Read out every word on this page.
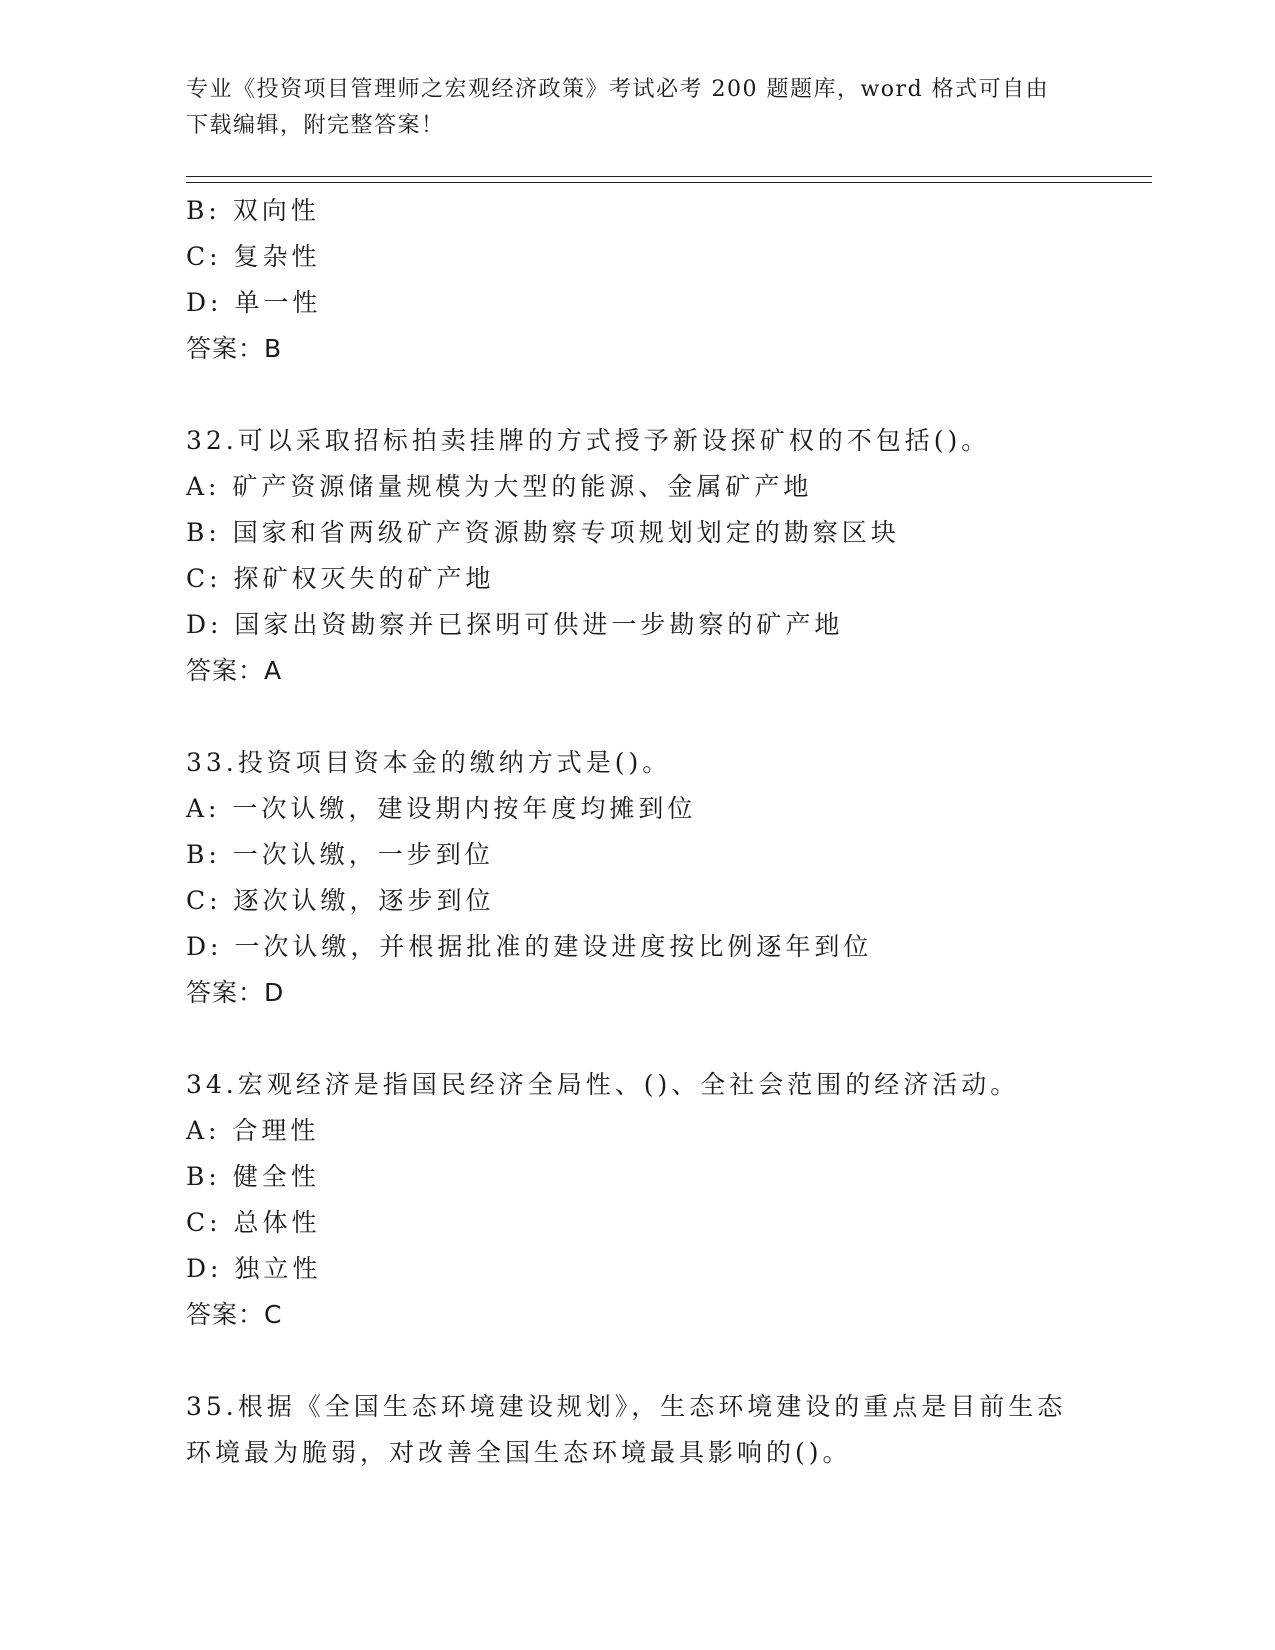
专业《投资项目管理师之宏观经济政策》考试必考 200 题题库，word 格式可自由下载编辑，附完整答案！
B: 双向性
C: 复杂性
D: 单一性
答案：B
32.可以采取招标拍卖挂牌的方式授予新设探矿权的不包括()。
A: 矿产资源储量规模为大型的能源、金属矿产地
B: 国家和省两级矿产资源勘察专项规划划定的勘察区块
C: 探矿权灭失的矿产地
D: 国家出资勘察并已探明可供进一步勘察的矿产地
答案：A
33.投资项目资本金的缴纳方式是()。
A: 一次认缴，建设期内按年度均摊到位
B: 一次认缴，一步到位
C: 逐次认缴，逐步到位
D: 一次认缴，并根据批准的建设进度按比例逐年到位
答案：D
34.宏观经济是指国民经济全局性、()、全社会范围的经济活动。
A: 合理性
B: 健全性
C: 总体性
D: 独立性
答案：C
35.根据《全国生态环境建设规划》，生态环境建设的重点是目前生态环境最为脆弱，对改善全国生态环境最具影响的()。
